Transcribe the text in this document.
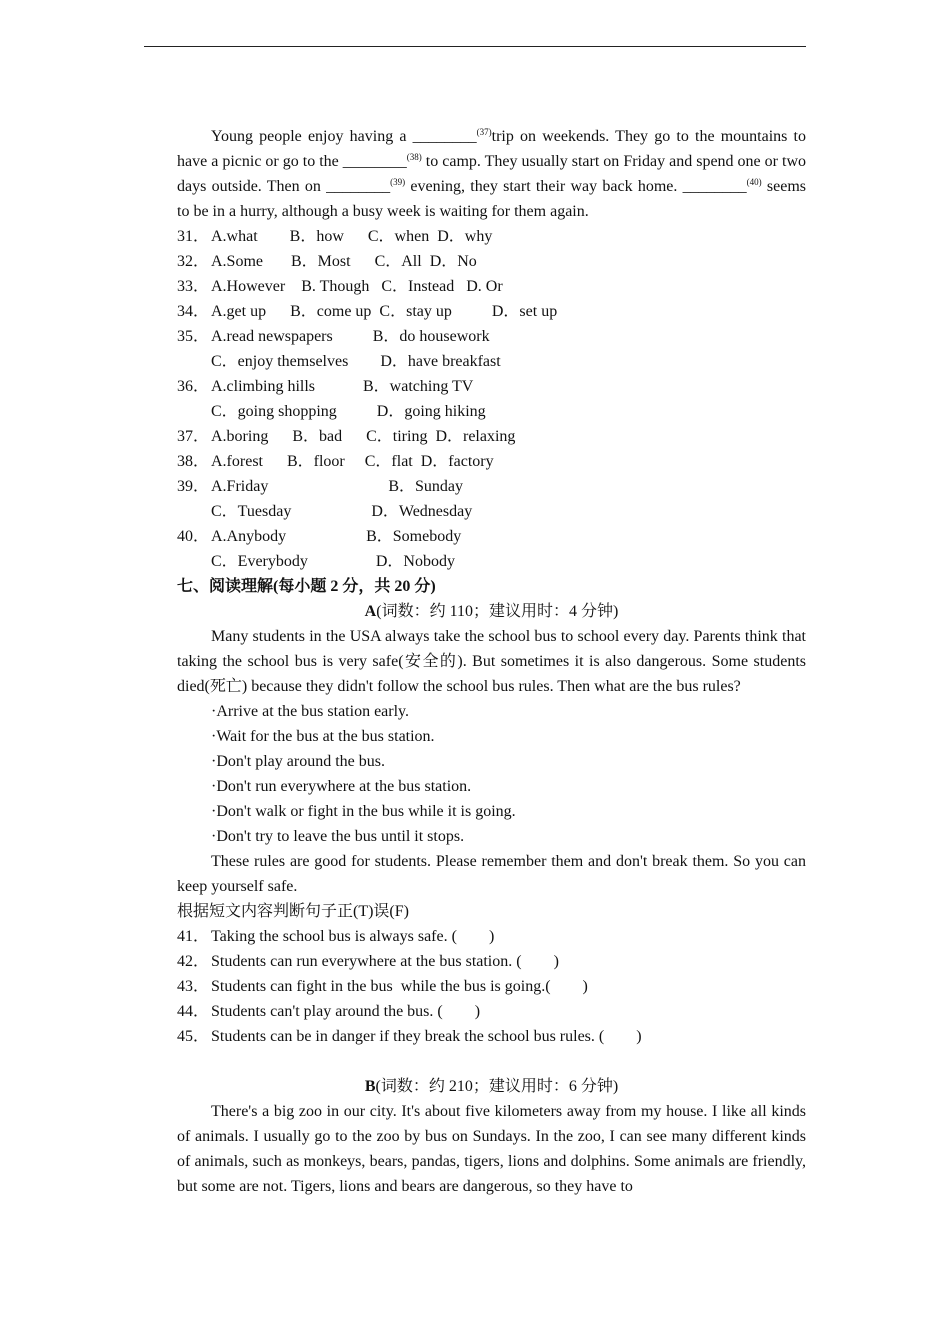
Young people enjoy having a ________$^{(37)}$trip on weekends. They go to the mountains to have a picnic or go to the ________$^{(38)}$ to camp. They usually start on Friday and spend one or two days outside. Then on ________$^{(39)}$ evening, they start their way back home. ________$^{(40)}$ seems to be in a hurry, although a busy week is waiting for them again.

31． A.what        B．how      C．when  D．why
32． A.Some       B．Most      C．All  D．No
33． A.However    B. Though   C．Instead   D. Or
34． A.get up      B．come up  C．stay up          D．set up
35． A.read newspapers          B．do housework
C．enjoy themselves        D．have breakfast
36． A.climbing hills            B．watching TV
C．going shopping          D．going hiking
37． A.boring      B．bad      C．tiring  D．relaxing
38． A.forest      B．floor     C．flat  D．factory
39． A.Friday                              B．Sunday
C．Tuesday                    D．Wednesday
40． A.Anybody                    B．Somebody
C．Everybody                 D．Nobody
七、阅读理解(每小题 2 分，共 20 分)
A(词数：约 110；建议用时：4 分钟)

Many students in the USA always take the school bus to school every day. Parents think that taking the school bus is very safe(安全的). But sometimes it is also dangerous. Some students died(死亡) because they didn't follow the school bus rules. Then what are the bus rules?

·Arrive at the bus station early.
·Wait for the bus at the bus station.
·Don't play around the bus.
·Don't run everywhere at the bus station.
·Don't walk or fight in the bus while it is going.
·Don't try to leave the bus until it stops.

These rules are good for students. Please remember them and don't break them. So you can keep yourself safe.

根据短文内容判断句子正(T)误(F)
41． Taking the school bus is always safe. (        )
42． Students can run everywhere at the bus station. (        )
43． Students can fight in the bus  while the bus is going.(        )
44． Students can't play around the bus. (        )
45． Students can be in danger if they break the school bus rules. (        )
B(词数：约 210；建议用时：6 分钟)

There's a big zoo in our city. It's about five kilometers away from my house. I like all kinds of animals. I usually go to the zoo by bus on Sundays. In the zoo, I can see many different kinds of animals, such as monkeys, bears, pandas, tigers, lions and dolphins. Some animals are friendly, but some are not. Tigers, lions and bears are dangerous, so they have to
